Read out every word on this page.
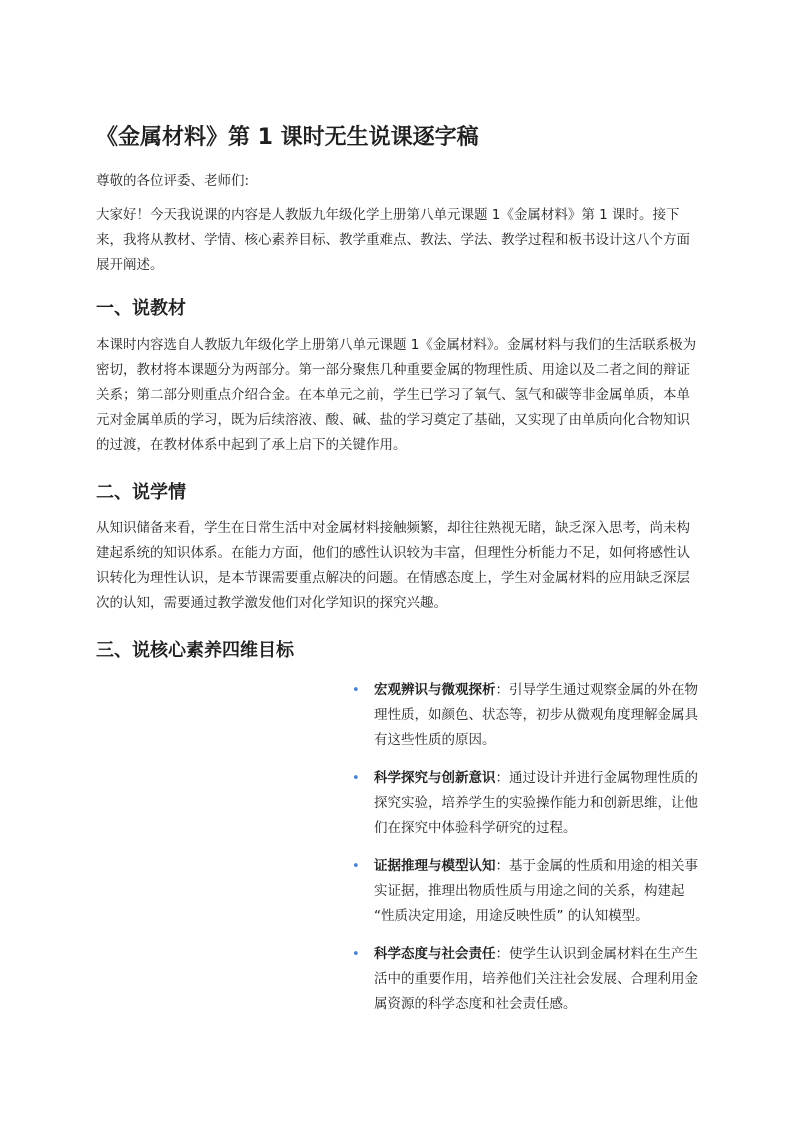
《金属材料》第 1 课时无生说课逐字稿

尊敬的各位评委、老师们:

大家好！今天我说课的内容是人教版九年级化学上册第八单元课题 1《金属材料》第 1 课时。接下来，我将从教材、学情、核心素养目标、教学重难点、教法、学法、教学过程和板书设计这八个方面展开阐述。

一、说教材

本课时内容选自人教版九年级化学上册第八单元课题 1《金属材料》。金属材料与我们的生活联系极为密切，教材将本课题分为两部分。第一部分聚焦几种重要金属的物理性质、用途以及二者之间的辩证关系；第二部分则重点介绍合金。在本单元之前，学生已学习了氧气、氢气和碳等非金属单质，本单元对金属单质的学习，既为后续溶液、酸、碱、盐的学习奠定了基础，又实现了由单质向化合物知识的过渡，在教材体系中起到了承上启下的关键作用。

二、说学情

从知识储备来看，学生在日常生活中对金属材料接触频繁，却往往熟视无睹，缺乏深入思考，尚未构建起系统的知识体系。在能力方面，他们的感性认识较为丰富，但理性分析能力不足，如何将感性认识转化为理性认识，是本节课需要重点解决的问题。在情感态度上，学生对金属材料的应用缺乏深层次的认知，需要通过教学激发他们对化学知识的探究兴趣。

三、说核心素养四维目标
• 宏观辨识与微观探析：引导学生通过观察金属的外在物理性质，如颜色、状态等，初步从微观角度理解金属具有这些性质的原因。
• 科学探究与创新意识：通过设计并进行金属物理性质的探究实验，培养学生的实验操作能力和创新思维，让他们在探究中体验科学研究的过程。
• 证据推理与模型认知：基于金属的性质和用途的相关事实证据，推理出物质性质与用途之间的关系，构建起 “性质决定用途，用途反映性质” 的认知模型。
• 科学态度与社会责任：使学生认识到金属材料在生产生活中的重要作用，培养他们关注社会发展、合理利用金属资源的科学态度和社会责任感。
